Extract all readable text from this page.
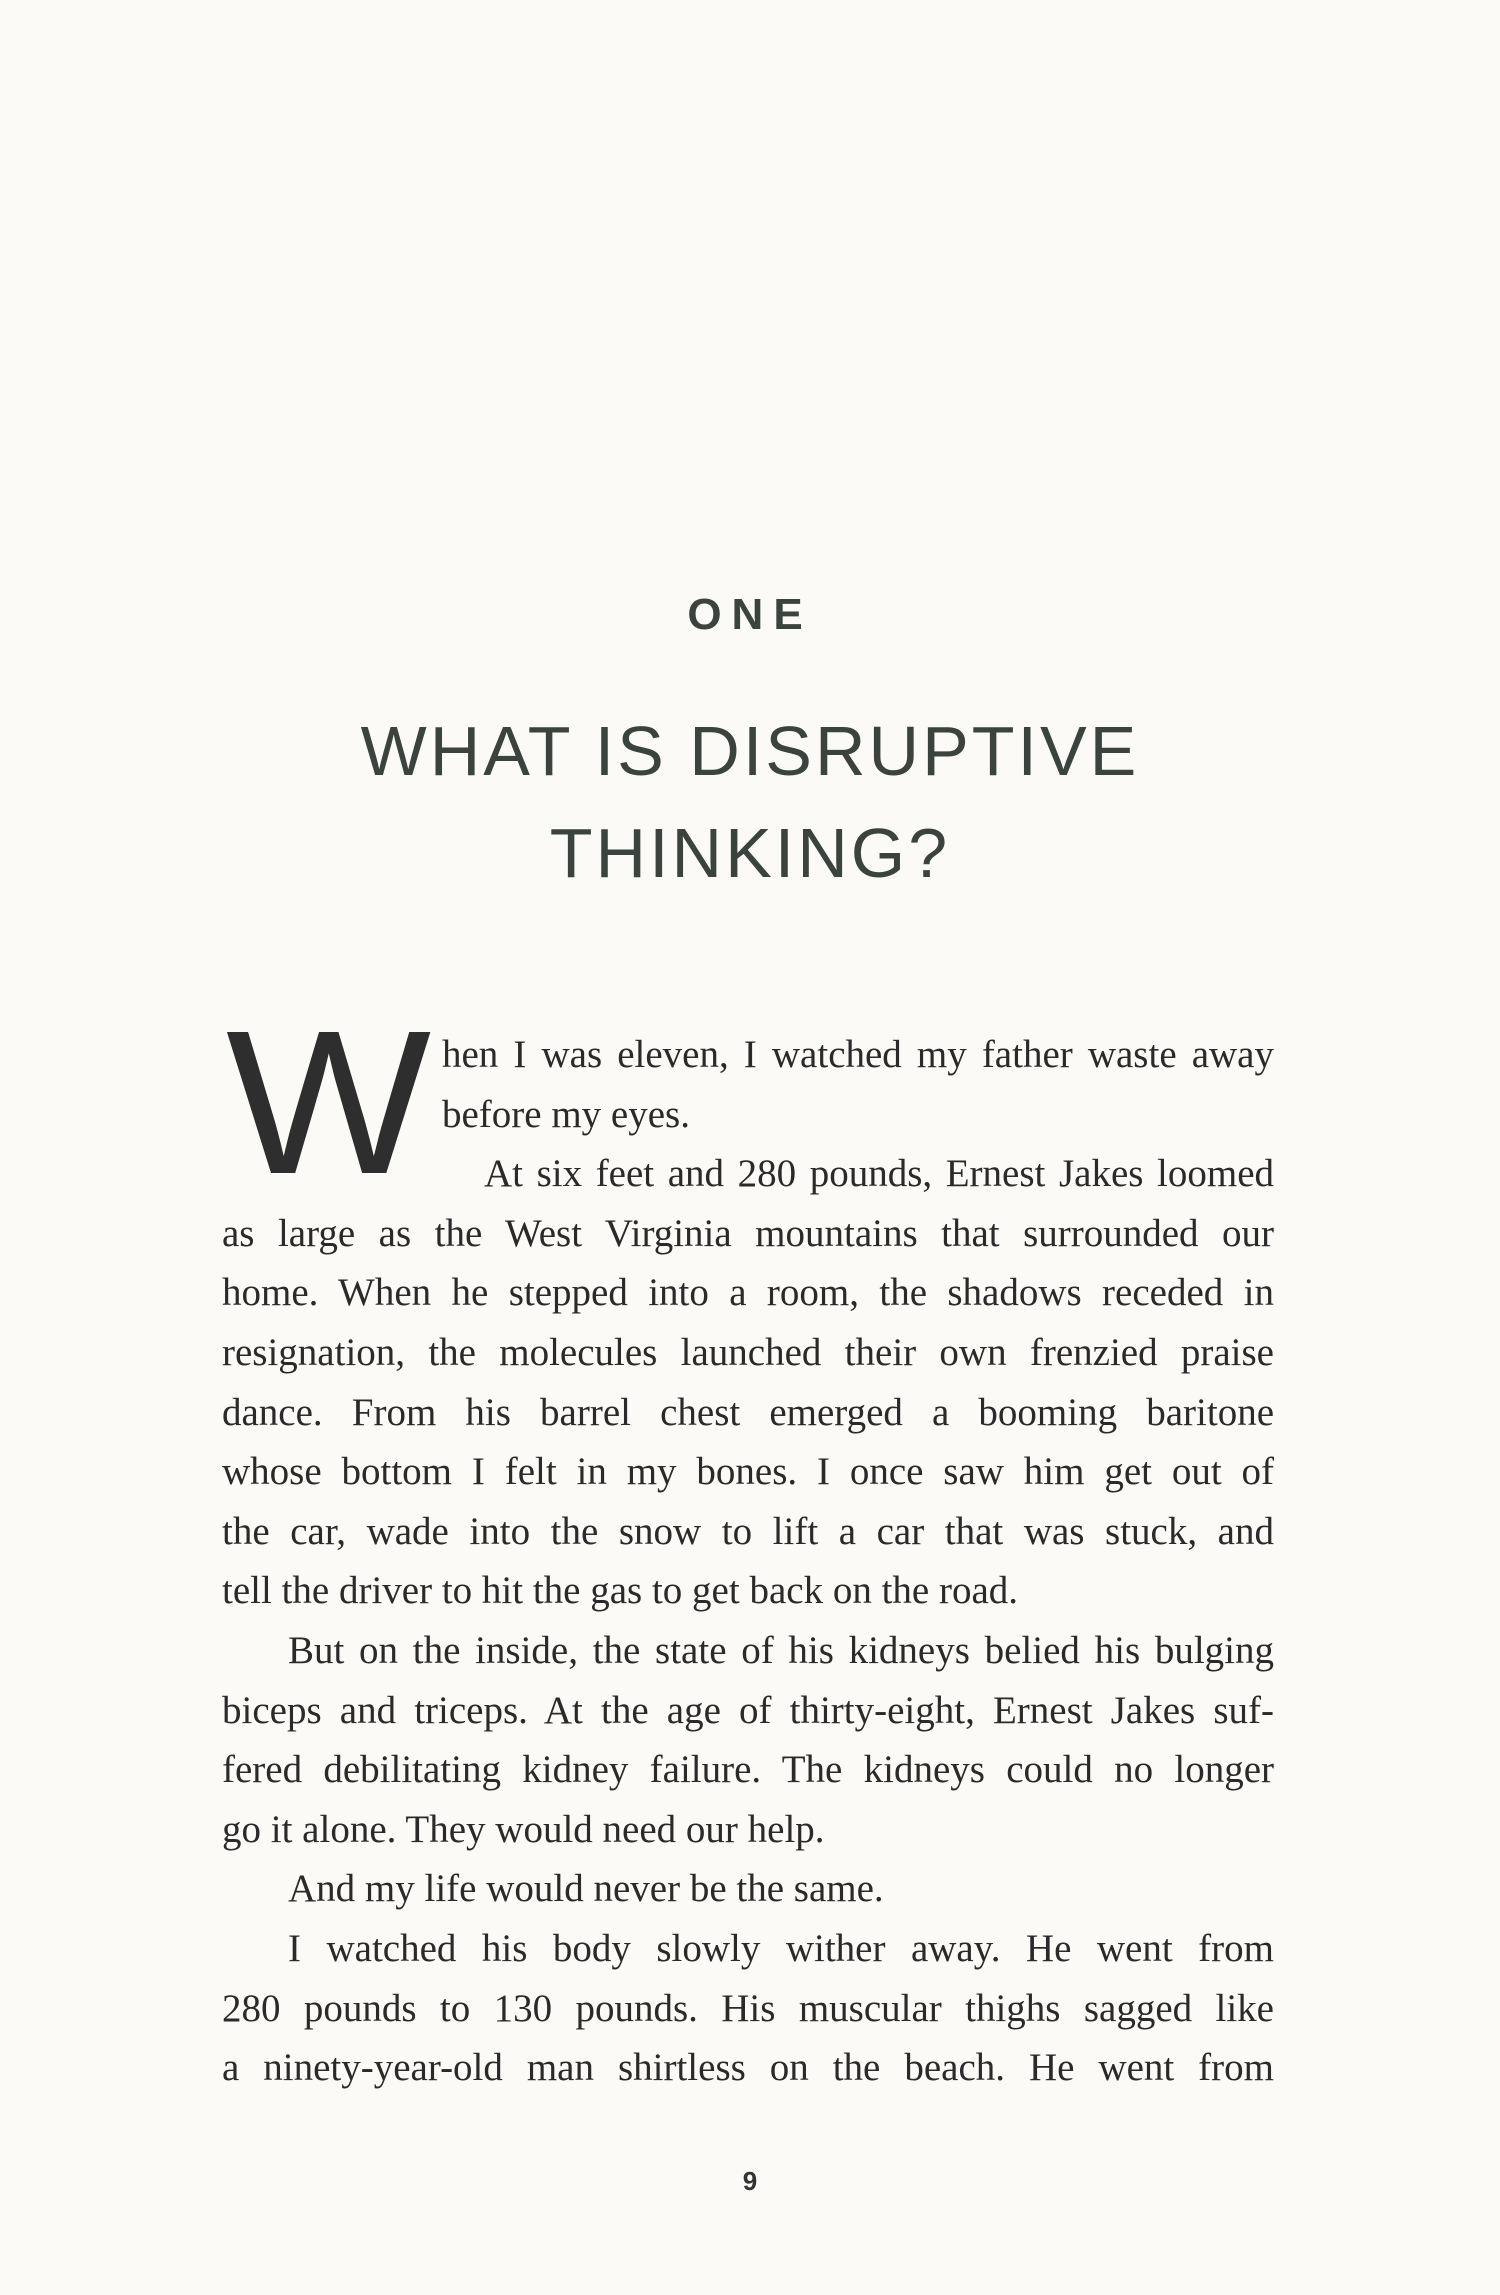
ONE
WHAT IS DISRUPTIVE
THINKING?
W hen I was eleven, I watched my father waste away
before my eyes.
At six feet and 280 pounds, Ernest Jakes loomed
as large as the West Virginia mountains that surrounded our
home. When he stepped into a room, the shadows receded in
resignation, the molecules launched their own frenzied praise
dance. From his barrel chest emerged a booming baritone
whose bottom I felt in my bones. I once saw him get out of
the car, wade into the snow to lift a car that was stuck, and
tell the driver to hit the gas to get back on the road.
But on the inside, the state of his kidneys belied his bulging
biceps and triceps. At the age of thirty-eight, Ernest Jakes suf-
fered debilitating kidney failure. The kidneys could no longer
go it alone. They would need our help.
And my life would never be the same.
I watched his body slowly wither away. He went from
280 pounds to 130 pounds. His muscular thighs sagged like
a ninety-year-old man shirtless on the beach. He went from
9
